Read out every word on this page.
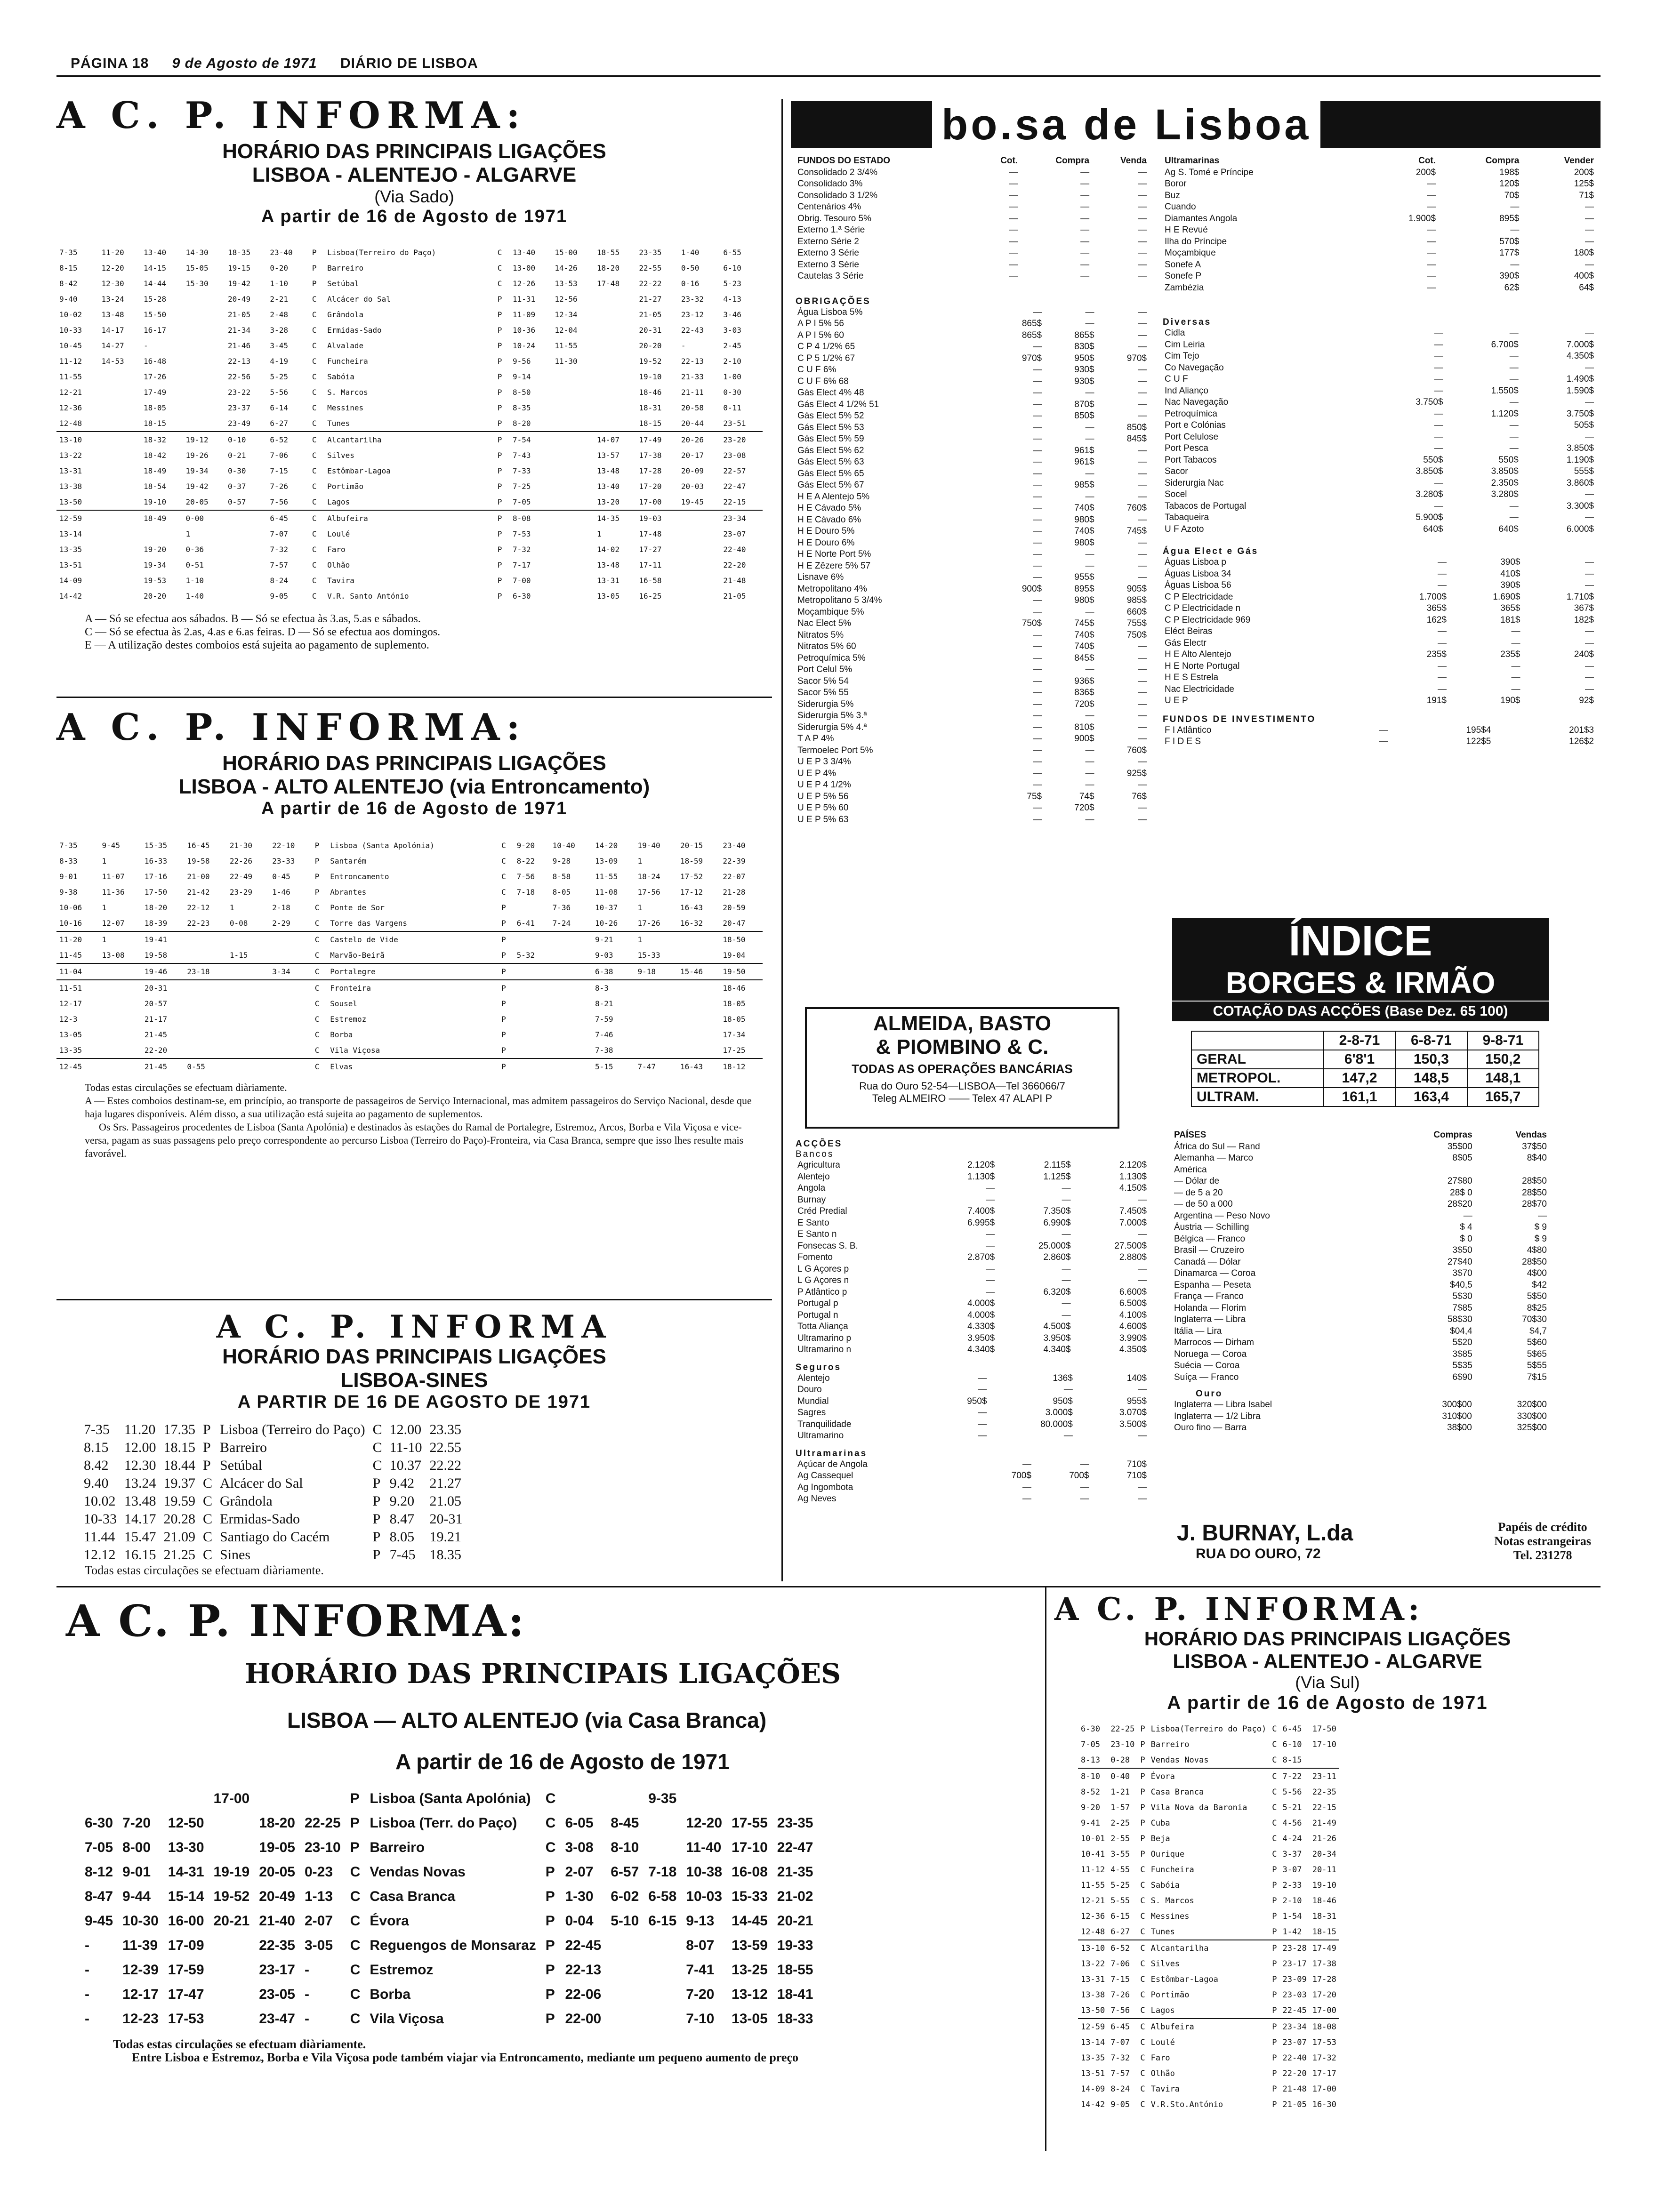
PÁGINA 18 9 de Agosto de 1971 DIÁRIO DE LISBOA
A C. P. INFORMA:
HORÁRIO DAS PRINCIPAIS LIGAÇÕES
LISBOA - ALENTEJO - ALGARVE
(Via Sado)
A partir de 16 de Agosto de 1971
7-35	11-20	13-40	14-30	18-35	23-40	P	Lisboa(Terreiro do Paço)	C	13-40	15-00	18-55	23-35	1-40	6-55
8-15	12-20	14-15	15-05	19-15	0-20	P	Barreiro	C	13-00	14-26	18-20	22-55	0-50	6-10
8-42	12-30	14-44	15-30	19-42	1-10	P	Setúbal	C	12-26	13-53	17-48	22-22	0-16	5-23
9-40	13-24	15-28		20-49	2-21	C	Alcácer do Sal	P	11-31	12-56		21-27	23-32	4-13
10-02	13-48	15-50		21-05	2-48	C	Grândola	P	11-09	12-34		21-05	23-12	3-46
10-33	14-17	16-17		21-34	3-28	C	Ermidas-Sado	P	10-36	12-04		20-31	22-43	3-03
10-45	14-27	-		21-46	3-45	C	Alvalade	P	10-24	11-55		20-20	-	2-45
11-12	14-53	16-48		22-13	4-19	C	Funcheira	P	9-56	11-30		19-52	22-13	2-10
11-55		17-26		22-56	5-25	C	Sabóia	P	9-14			19-10	21-33	1-00
12-21		17-49		23-22	5-56	C	S. Marcos	P	8-50			18-46	21-11	0-30
12-36		18-05		23-37	6-14	C	Messines	P	8-35			18-31	20-58	0-11
12-48		18-15		23-49	6-27	C	Tunes	P	8-20			18-15	20-44	23-51
13-10		18-32	19-12	0-10	6-52	C	Alcantarilha	P	7-54		14-07	17-49	20-26	23-20
13-22		18-42	19-26	0-21	7-06	C	Silves	P	7-43		13-57	17-38	20-17	23-08
13-31		18-49	19-34	0-30	7-15	C	Estômbar-Lagoa	P	7-33		13-48	17-28	20-09	22-57
13-38		18-54	19-42	0-37	7-26	C	Portimão	P	7-25		13-40	17-20	20-03	22-47
13-50		19-10	20-05	0-57	7-56	C	Lagos	P	7-05		13-20	17-00	19-45	22-15
12-59		18-49	0-00		6-45	C	Albufeira	P	8-08		14-35	19-03		23-34
13-14			1		7-07	C	Loulé	P	7-53		1	17-48		23-07
13-35		19-20	0-36		7-32	C	Faro	P	7-32		14-02	17-27		22-40
13-51		19-34	0-51		7-57	C	Olhão	P	7-17		13-48	17-11		22-20
14-09		19-53	1-10		8-24	C	Tavira	P	7-00		13-31	16-58		21-48
14-42		20-20	1-40		9-05	C	V.R. Santo António	P	6-30		13-05	16-25		21-05
A — Só se efectua aos sábados. B — Só se efectua às 3.as, 5.as e sábados.
C — Só se efectua às 2.as, 4.as e 6.as feiras. D — Só se efectua aos domingos.
E — A utilização destes comboios está sujeita ao pagamento de suplemento.
A C. P. INFORMA:
HORÁRIO DAS PRINCIPAIS LIGAÇÕES
LISBOA - ALTO ALENTEJO (via Entroncamento)
A partir de 16 de Agosto de 1971
7-35	9-45	15-35	16-45	21-30	22-10	P	Lisboa (Santa Apolónia)	C	9-20	10-40	14-20	19-40	20-15	23-40
8-33	1	16-33	19-58	22-26	23-33	P	Santarém	C	8-22	9-28	13-09	1	18-59	22-39
9-01	11-07	17-16	21-00	22-49	0-45	P	Entroncamento	C	7-56	8-58	11-55	18-24	17-52	22-07
9-38	11-36	17-50	21-42	23-29	1-46	P	Abrantes	C	7-18	8-05	11-08	17-56	17-12	21-28
10-06	1	18-20	22-12	1	2-18	C	Ponte de Sor	P		7-36	10-37	1	16-43	20-59
10-16	12-07	18-39	22-23	0-08	2-29	C	Torre das Vargens	P	6-41	7-24	10-26	17-26	16-32	20-47
11-20	1	19-41				C	Castelo de Vide	P			9-21	1		18-50
11-45	13-08	19-58		1-15		C	Marvão-Beirã	P	5-32		9-03	15-33		19-04
11-04		19-46	23-18		3-34	C	Portalegre	P			6-38	9-18	15-46	19-50
11-51		20-31				C	Fronteira	P			8-3			18-46
12-17		20-57				C	Sousel	P			8-21			18-05
12-3		21-17				C	Estremoz	P			7-59			18-05
13-05		21-45				C	Borba	P			7-46			17-34
13-35		22-20				C	Vila Viçosa	P			7-38			17-25
12-45		21-45	0-55			C	Elvas	P			5-15	7-47	16-43	18-12
Todas estas circulações se efectuam diàriamente.
A — Estes comboios destinam-se, em princípio, ao transporte de passageiros de Serviço Internacional, mas admitem passageiros do Serviço Nacional, desde que haja lugares disponíveis. Além disso, a sua utilização está sujeita ao pagamento de suplementos.
Os Srs. Passageiros procedentes de Lisboa (Santa Apolónia) e destinados às estações do Ramal de Portalegre, Estremoz, Arcos, Borba e Vila Viçosa e vice-versa, pagam as suas passagens pelo preço correspondente ao percurso Lisboa (Terreiro do Paço)-Fronteira, via Casa Branca, sempre que isso lhes resulte mais favorável.
A C. P. INFORMA
HORÁRIO DAS PRINCIPAIS LIGAÇÕES
LISBOA-SINES
A PARTIR DE 16 DE AGOSTO DE 1971
7-35	11.20	17.35	P	Lisboa (Terreiro do Paço)	C	12.00	23.35
8.15	12.00	18.15	P	Barreiro	C	11-10	22.55
8.42	12.30	18.44	P	Setúbal	C	10.37	22.22
9.40	13.24	19.37	C	Alcácer do Sal	P	9.42	21.27
10.02	13.48	19.59	C	Grândola	P	9.20	21.05
10-33	14.17	20.28	C	Ermidas-Sado	P	8.47	20-31
11.44	15.47	21.09	C	Santiago do Cacém	P	8.05	19.21
12.12	16.15	21.25	C	Sines	P	7-45	18.35
Todas estas circulações se efectuam diàriamente.
A C. P. INFORMA:
HORÁRIO DAS PRINCIPAIS LIGAÇÕES
LISBOA — ALTO ALENTEJO (via Casa Branca)
A partir de 16 de Agosto de 1971
			17-00			P	Lisboa (Santa Apolónia)	C			9-35			
6-30	7-20	12-50		18-20	22-25	P	Lisboa (Terr. do Paço)	C	6-05	8-45		12-20	17-55	23-35
7-05	8-00	13-30		19-05	23-10	P	Barreiro	C	3-08	8-10		11-40	17-10	22-47
8-12	9-01	14-31	19-19	20-05	0-23	C	Vendas Novas	P	2-07	6-57	7-18	10-38	16-08	21-35
8-47	9-44	15-14	19-52	20-49	1-13	C	Casa Branca	P	1-30	6-02	6-58	10-03	15-33	21-02
9-45	10-30	16-00	20-21	21-40	2-07	C	Évora	P	0-04	5-10	6-15	9-13	14-45	20-21
-	11-39	17-09		22-35	3-05	C	Reguengos de Monsaraz	P	22-45			8-07	13-59	19-33
-	12-39	17-59		23-17	-	C	Estremoz	P	22-13			7-41	13-25	18-55
-	12-17	17-47		23-05	-	C	Borba	P	22-06			7-20	13-12	18-41
-	12-23	17-53		23-47	-	C	Vila Viçosa	P	22-00			7-10	13-05	18-33
Todas estas circulações se efectuam diàriamente.
Entre Lisboa e Estremoz, Borba e Vila Viçosa pode também viajar via Entroncamento, mediante um pequeno aumento de preço
A C. P. INFORMA:
HORÁRIO DAS PRINCIPAIS LIGAÇÕES
LISBOA - ALENTEJO - ALGARVE
(Via Sul)
A partir de 16 de Agosto de 1971
6-30	22-25	P	Lisboa(Terreiro do Paço)	C	6-45	17-50
7-05	23-10	P	Barreiro	C	6-10	17-10
8-13	0-28	P	Vendas Novas	C	8-15	
8-10	0-40	P	Évora	C	7-22	23-11
8-52	1-21	P	Casa Branca	C	5-56	22-35
9-20	1-57	P	Vila Nova da Baronia	C	5-21	22-15
9-41	2-25	P	Cuba	C	4-56	21-49
10-01	2-55	P	Beja	C	4-24	21-26
10-41	3-55	P	Ourique	C	3-37	20-34
11-12	4-55	C	Funcheira	P	3-07	20-11
11-55	5-25	C	Sabóia	P	2-33	19-10
12-21	5-55	C	S. Marcos	P	2-10	18-46
12-36	6-15	C	Messines	P	1-54	18-31
12-48	6-27	C	Tunes	P	1-42	18-15
13-10	6-52	C	Alcantarilha	P	23-28	17-49
13-22	7-06	C	Silves	P	23-17	17-38
13-31	7-15	C	Estômbar-Lagoa	P	23-09	17-28
13-38	7-26	C	Portimão	P	23-03	17-20
13-50	7-56	C	Lagos	P	22-45	17-00
12-59	6-45	C	Albufeira	P	23-34	18-08
13-14	7-07	C	Loulé	P	23-07	17-53
13-35	7-32	C	Faro	P	22-40	17-32
13-51	7-57	C	Olhão	P	22-20	17-17
14-09	8-24	C	Tavira	P	21-48	17-00
14-42	9-05	C	V.R.Sto.António	P	21-05	16-30
bo.sa de Lisboa
FUNDOS DO ESTADO	Cot.	Compra	Venda
Consolidado 2 3/4%	—	—	—
Consolidado 3%	—	—	—
Consolidado 3 1/2%	—	—	—
Centenários 4%	—	—	—
Obrig. Tesouro 5%	—	—	—
Externo 1.ª Série	—	—	—
Externo Série 2	—	—	—
Externo 3 Série	—	—	—
Externo 3 Série	—	—	—
Cautelas 3 Série	—	—	—
OBRIGAÇÕES
Água Lisboa 5%	—	—	—
A P I 5% 56	865$	—	—
A P I 5% 60	865$	865$	—
C P 4 1/2% 65	—	830$	—
C P 5 1/2% 67	970$	950$	970$
C U F 6%	—	930$	—
C U F 6% 68	—	930$	—
Gás Elect 4% 48	—	—	—
Gás Elect 4 1/2% 51	—	870$	—
Gás Elect 5% 52	—	850$	—
Gás Elect 5% 53	—	—	850$
Gás Elect 5% 59	—	—	845$
Gás Elect 5% 62	—	961$	—
Gás Elect 5% 63	—	961$	—
Gás Elect 5% 65	—	—	—
Gás Elect 5% 67	—	985$	—
H E A Alentejo 5%	—	—	—
H E Cávado 5%	—	740$	760$
H E Cávado 6%	—	980$	—
H E Douro 5%	—	740$	745$
H E Douro 6%	—	980$	—
H E Norte Port 5%	—	—	—
H E Zêzere 5% 57	—	—	—
Lisnave 6%	—	955$	—
Metropolitano 4%	900$	895$	905$
Metropolitano 5 3/4%	—	980$	985$
Moçambique 5%	—	—	660$
Nac Elect 5%	750$	745$	755$
Nitratos 5%	—	740$	750$
Nitratos 5% 60	—	740$	—
Petroquímica 5%	—	845$	—
Port Celul 5%	—	—	—
Sacor 5% 54	—	936$	—
Sacor 5% 55	—	836$	—
Siderurgia 5%	—	720$	—
Siderurgia 5% 3.ª	—	—	—
Siderurgia 5% 4.ª	—	810$	—
T A P 4%	—	900$	—
Termoelec Port 5%	—	—	760$
U E P 3 3/4%	—	—	—
U E P 4%	—	—	925$
U E P 4 1/2%	—	—	—
U E P 5% 56	75$	74$	76$
U E P 5% 60	—	720$	—
U E P 5% 63	—	—	—
Ultramarinas	Cot.	Compra	Vender
Ag S. Tomé e Príncipe	200$	198$	200$
Boror	—	120$	125$
Buz	—	70$	71$
Cuando	—	—	—
Diamantes Angola	1.900$	895$	—
H E Revué	—	—	—
Ilha do Príncipe	—	570$	—
Moçambique	—	177$	180$
Sonefe A	—	—	—
Sonefe P	—	390$	400$
Zambézia	—	62$	64$
Diversas
Cidla	—	—	—
Cim Leiria	—	6.700$	7.000$
Cim Tejo	—	—	4.350$
Co Navegação	—	—	—
C U F	—	—	1.490$
Ind Alianço	—	1.550$	1.590$
Nac Navegação	3.750$	—	—
Petroquímica	—	1.120$	3.750$
Port e Colónias	—	—	505$
Port Celulose	—	—	—
Port Pesca	—	—	3.850$
Port Tabacos	550$	550$	1.190$
Sacor	3.850$	3.850$	555$
Siderurgia Nac	—	2.350$	3.860$
Socel	3.280$	3.280$	—
Tabacos de Portugal	—	—	3.300$
Tabaqueira	5.900$	—	—
U F Azoto	640$	640$	6.000$
Água Elect e Gás
Águas Lisboa p	—	390$	—
Águas Lisboa 34	—	410$	—
Águas Lisboa 56	—	390$	—
C P Electricidade	1.700$	1.690$	1.710$
C P Electricidade n	365$	365$	367$
C P Electricidade 969	162$	181$	182$
Eléct Beiras	—	—	—
Gás Electr	—	—	—
H E Alto Alentejo	235$	235$	240$
H E Norte Portugal	—	—	—
H E S Estrela	—	—	—
Nac Electricidade	—	—	—
U E P	191$	190$	92$
FUNDOS DE INVESTIMENTO
F I Atlântico	—	195$4	201$3
F I D E S	—	122$5	126$2
ALMEIDA, BASTO
& PIOMBINO & C.
TODAS AS OPERAÇÕES BANCÁRIAS
Rua do Ouro 52-54—LISBOA—Tel 366066/7
Teleg ALMEIRO —— Telex 47 ALAPI P
ACÇÕES
Bancos
Agricultura	2.120$	2.115$	2.120$
Alentejo	1.130$	1.125$	1.130$
Angola	—	—	4.150$
Burnay	—	—	—
Créd Predial	7.400$	7.350$	7.450$
E Santo	6.995$	6.990$	7.000$
E Santo n	—	—	—
Fonsecas S. B.	—	25.000$	27.500$
Fomento	2.870$	2.860$	2.880$
L G Açores p	—	—	—
L G Açores n	—	—	—
P Atlântico p	—	6.320$	6.600$
Portugal p	4.000$	—	6.500$
Portugal n	4.000$	—	4.100$
Totta Aliança	4.330$	4.500$	4.600$
Ultramarino p	3.950$	3.950$	3.990$
Ultramarino n	4.340$	4.340$	4.350$
Seguros
Alentejo	—	136$	140$
Douro	—	—	—
Mundial	950$	950$	955$
Sagres	—	3.000$	3.070$
Tranquilidade	—	80.000$	3.500$
Ultramarino	—	—	—
Ultramarinas
Açúcar de Angola	—	—	710$
Ag Cassequel	700$	700$	710$
Ag Ingombota	—	—	—
Ag Neves	—	—	—
ÍNDICE
BORGES & IRMÃO
COTAÇÃO DAS ACÇÕES (Base Dez. 65 100)
	2-8-71	6-8-71	9-8-71
GERAL	6'8'1	150,3	150,2
METROPOL.	147,2	148,5	148,1
ULTRAM.	161,1	163,4	165,7
PAÍSES	Compras	Vendas
África do Sul — Rand	35$00	37$50
Alemanha — Marco	8$05	8$40
América		
— Dólar de	27$80	28$50
— de 5 a 20	28$ 0	28$50
— de 50 a 000	28$20	28$70
Argentina — Peso Novo	—	—
Áustria — Schilling	$ 4	$ 9
Bélgica — Franco	$ 0	$ 9
Brasil — Cruzeiro	3$50	4$80
Canadá — Dólar	27$40	28$50
Dinamarca — Coroa	3$70	4$00
Espanha — Peseta	$40,5	$42
França — Franco	5$30	5$50
Holanda — Florim	7$85	8$25
Inglaterra — Libra	58$30	70$30
Itália — Lira	$04,4	$4,7
Marrocos — Dirham	5$20	5$60
Noruega — Coroa	3$85	5$65
Suécia — Coroa	5$35	5$55
Suíça — Franco	6$90	7$15
Ouro
Inglaterra — Libra Isabel	300$00	320$00
Inglaterra — 1/2 Libra	310$00	330$00
Ouro fino — Barra	38$00	325$00
J. BURNAY, L.da
RUA DO OURO, 72
Papéis de crédito
Notas estrangeiras
Tel. 231278
